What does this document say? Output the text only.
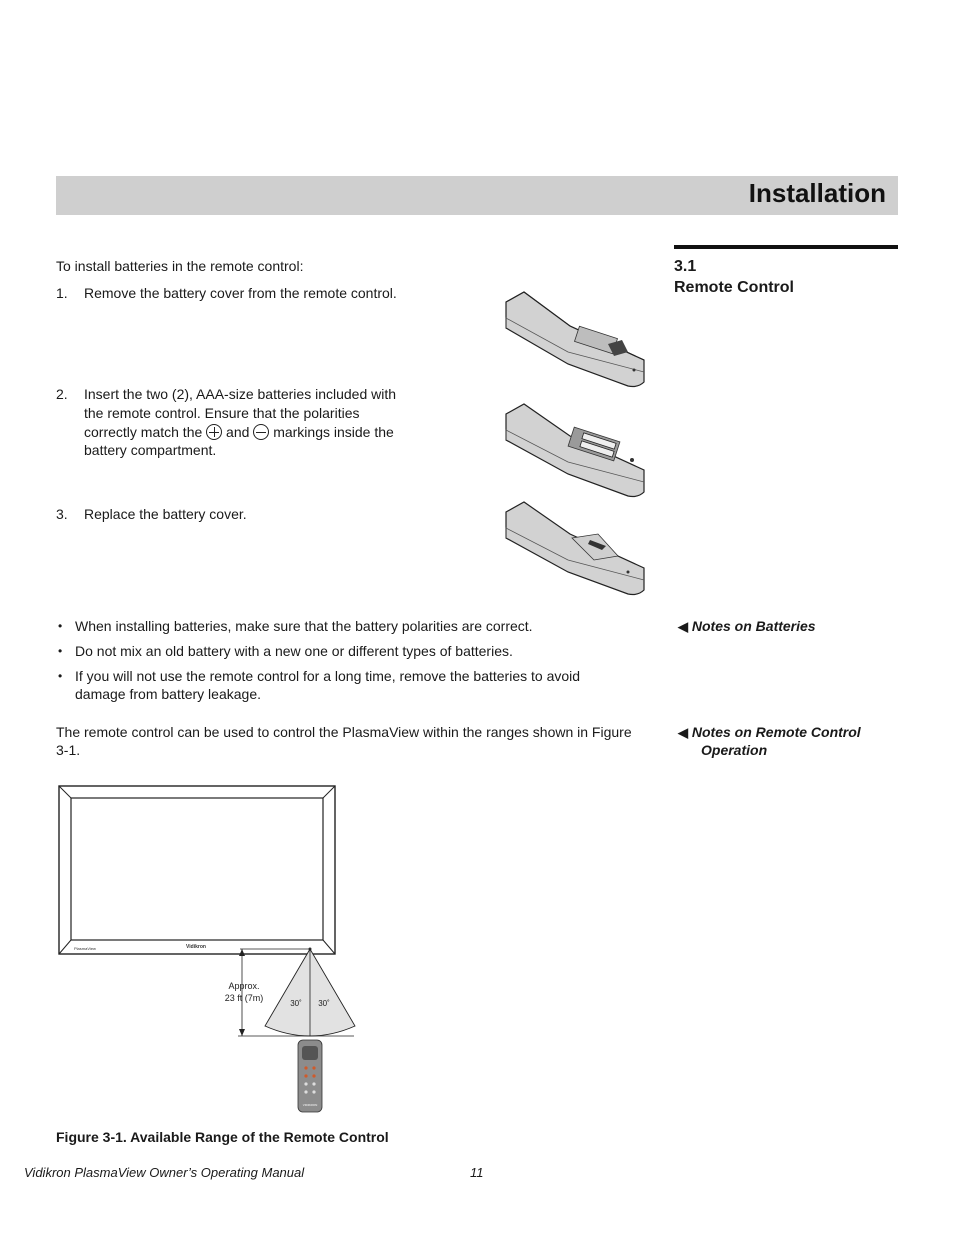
Installation
3.1
Remote Control
To install batteries in the remote control:
1.	Remove the battery cover from the remote control.
2.	Insert the two (2), AAA-size batteries included with
the remote control. Ensure that the polarities
correctly match the and markings inside the
battery compartment.
3.	Replace the battery cover.
◀ Notes on Batteries
• When installing batteries, make sure that the battery polarities are correct.
• Do not mix an old battery with a new one or different types of batteries.
• If you will not use the remote control for a long time, remove the batteries to avoid
damage from battery leakage.
◀ Notes on Remote Control
Operation
The remote control can be used to control the PlasmaView within the ranges shown in Figure
3-1.
PlasmaView	Vidikron
Approx.
23 ft (7m)
30˚ 30˚
VIDIKRON
Figure 3-1. Available Range of the Remote Control
Vidikron PlasmaView Owner’s Operating Manual	11
